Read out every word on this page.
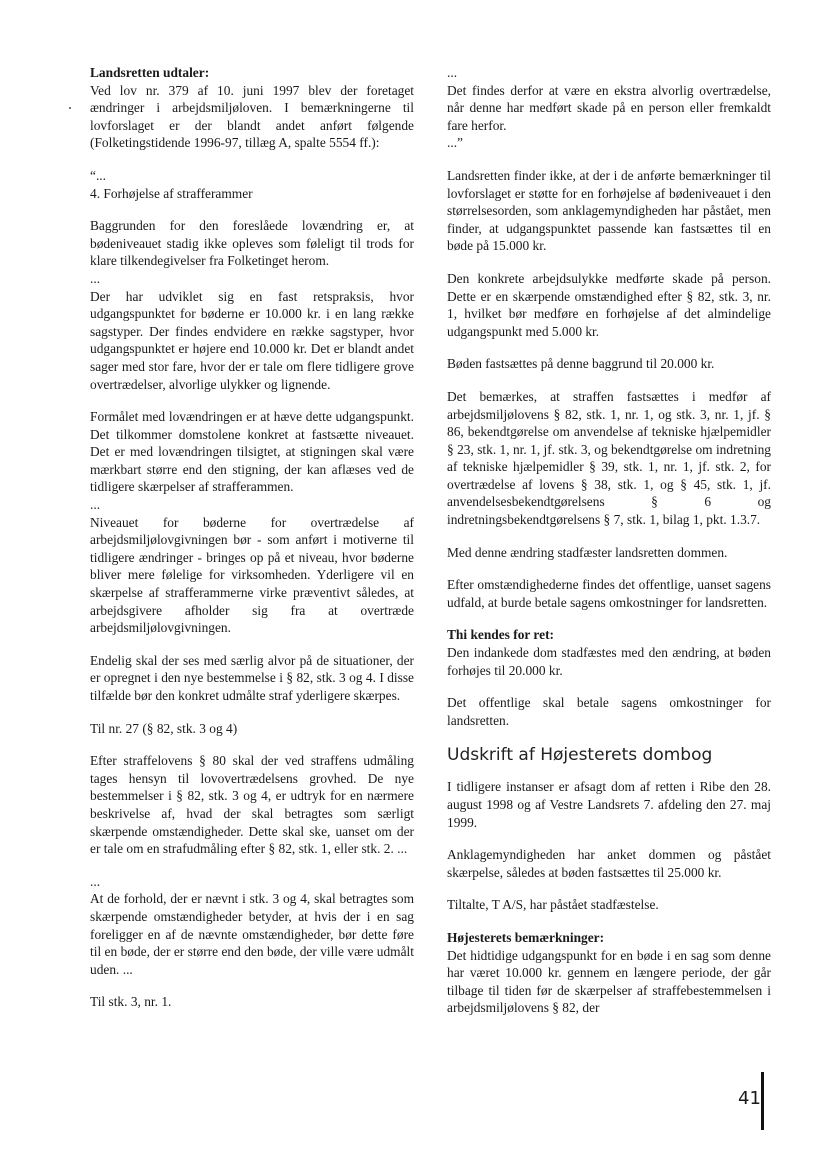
Landsretten udtaler:

Ved lov nr. 379 af 10. juni 1997 blev der foretaget ændringer i arbejdsmiljøloven. I bemærkningerne til lovforslaget er der blandt andet anført følgende (Folketingstidende 1996-97, tillæg A, spalte 5554 ff.):

“...

4. Forhøjelse af strafferammer

Baggrunden for den foreslåede lovændring er, at bødeniveauet stadig ikke opleves som føleligt til trods for klare tilkendegivelser fra Folketinget herom.

...

Der har udviklet sig en fast retspraksis, hvor udgangspunktet for bøderne er 10.000 kr. i en lang række sagstyper. Der findes endvidere en række sagstyper, hvor udgangspunktet er højere end 10.000 kr. Det er blandt andet sager med stor fare, hvor der er tale om flere tidligere grove overtrædelser, alvorlige ulykker og lignende.

Formålet med lovændringen er at hæve dette udgangspunkt. Det tilkommer domstolene konkret at fastsætte niveauet. Det er med lovændringen tilsigtet, at stigningen skal være mærkbart større end den stigning, der kan aflæses ved de tidligere skærpelser af strafferammen.

...

Niveauet for bøderne for overtrædelse af arbejdsmiljølovgivningen bør - som anført i motiverne til tidligere ændringer - bringes op på et niveau, hvor bøderne bliver mere følelige for virksomheden. Yderligere vil en skærpelse af strafferammerne virke præventivt således, at arbejdsgivere afholder sig fra at overtræde arbejdsmiljølovgivningen.

Endelig skal der ses med særlig alvor på de situationer, der er opregnet i den nye bestemmelse i § 82, stk. 3 og 4. I disse tilfælde bør den konkret udmålte straf yderligere skærpes.

Til nr. 27 (§ 82, stk. 3 og 4)

Efter straffelovens § 80 skal der ved straffens udmåling tages hensyn til lovovertrædelsens grovhed. De nye bestemmelser i § 82, stk. 3 og 4, er udtryk for en nærmere beskrivelse af, hvad der skal betragtes som særligt skærpende omstændigheder. Dette skal ske, uanset om der er tale om en strafudmåling efter § 82, stk. 1, eller stk. 2. ...

...

At de forhold, der er nævnt i stk. 3 og 4, skal betragtes som skærpende omstændigheder betyder, at hvis der i en sag foreligger en af de nævnte omstændigheder, bør dette føre til en bøde, der er større end den bøde, der ville være udmålt uden. ...

Til stk. 3, nr. 1.

...

Det findes derfor at være en ekstra alvorlig overtrædelse, når denne har medført skade på en person eller fremkaldt fare herfor.

...”

Landsretten finder ikke, at der i de anførte bemærkninger til lovforslaget er støtte for en forhøjelse af bødeniveauet i den størrelsesorden, som anklagemyndigheden har påstået, men finder, at udgangspunktet passende kan fastsættes til en bøde på 15.000 kr.

Den konkrete arbejdsulykke medførte skade på person. Dette er en skærpende omstændighed efter § 82, stk. 3, nr. 1, hvilket bør medføre en forhøjelse af det almindelige udgangspunkt med 5.000 kr.

Bøden fastsættes på denne baggrund til 20.000 kr.

Det bemærkes, at straffen fastsættes i medfør af arbejdsmiljølovens § 82, stk. 1, nr. 1, og stk. 3, nr. 1, jf. § 86, bekendtgørelse om anvendelse af tekniske hjælpemidler § 23, stk. 1, nr. 1, jf. stk. 3, og bekendtgørelse om indretning af tekniske hjælpemidler § 39, stk. 1, nr. 1, jf. stk. 2, for overtrædelse af lovens § 38, stk. 1, og § 45, stk. 1, jf. anvendelsesbekendtgørelsens § 6 og indretningsbekendtgørelsens § 7, stk. 1, bilag 1, pkt. 1.3.7.

Med denne ændring stadfæster landsretten dommen.

Efter omstændighederne findes det offentlige, uanset sagens udfald, at burde betale sagens omkostninger for landsretten.

Thi kendes for ret:

Den indankede dom stadfæstes med den ændring, at bøden forhøjes til 20.000 kr.

Det offentlige skal betale sagens omkostninger for landsretten.

Udskrift af Højesterets dombog

I tidligere instanser er afsagt dom af retten i Ribe den 28. august 1998 og af Vestre Landsrets 7. afdeling den 27. maj 1999.

Anklagemyndigheden har anket dommen og påstået skærpelse, således at bøden fastsættes til 25.000 kr.

Tiltalte, T A/S, har påstået stadfæstelse.

Højesterets bemærkninger:

Det hidtidige udgangspunkt for en bøde i en sag som denne har været 10.000 kr. gennem en længere periode, der går tilbage til tiden før de skærpelser af straffebestemmelsen i arbejdsmiljølovens § 82, der

41
